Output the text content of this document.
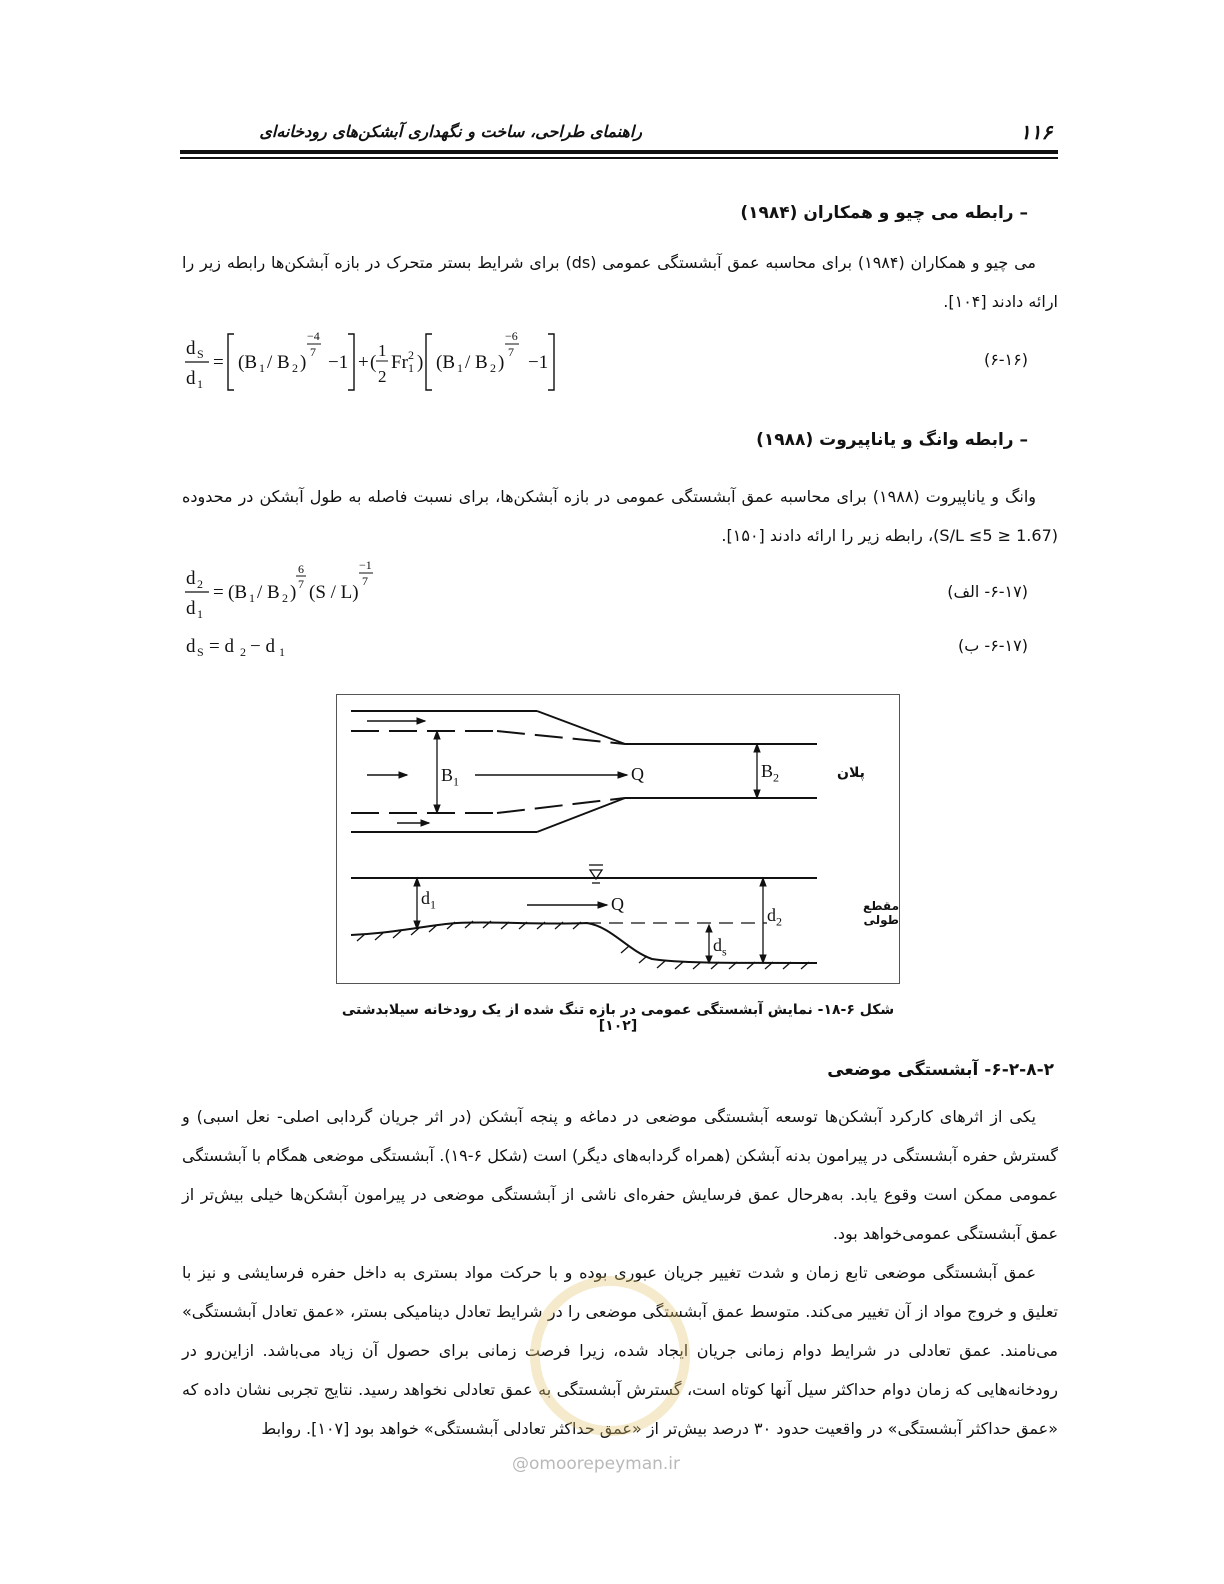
۱۱۶
راهنمای طراحی، ساخت و نگهداری آبشکن‌های رودخانه‌ای
– رابطه می چیو و همکاران (۱۹۸۴)

می چیو و همکاران (۱۹۸۴) برای محاسبه عمق آبشستگی عمومی (ds) برای شرایط بستر متحرک در بازه آبشکن‌ها رابطه زیر را ارائه دادند [۱۰۴].

d S
d 1
= (B 1 / B 2 )
−4
7 −1 + (
1
2
Fr 1
2 ) (B 1 / B 2 )
−6
7 −1	(۶-۱۶)
– رابطه وانگ و یاناپیروت (۱۹۸۸)

وانگ و یاناپیروت (۱۹۸۸) برای محاسبه عمق آبشستگی عمومی در بازه آبشکن‌ها، برای نسبت فاصله به طول آبشکن در محدوده (1.67 ≤ S/L ≤5)، رابطه زیر را ارائه دادند [۱۵۰].

d 2
d 1
= (B 1 / B 2 )
6
7 (S / L)
−1
7
(۶-۱۷- الف)
d S = d 2 − d 1	(۶-۱۷- ب)
$B_1$	Q	$B_2$	پلان
$d_1$	Q
$d_2$
$d_s$
مقطع طولی
شکل ۶-۱۸- نمایش آبشستگی عمومی در بازه تنگ شده از یک رودخانه سیلابدشتی [۱۰۲]
۶-۲-۸-۲- آبشستگی موضعی

یکی از اثرهای کارکرد آبشکن‌ها توسعه آبشستگی موضعی در دماغه و پنجه آبشکن (در اثر جریان گردابی اصلی- نعل اسبی) و گسترش حفره آبشستگی در پیرامون بدنه آبشکن (همراه گردابه‌های دیگر) است (شکل ۶-۱۹). آبشستگی موضعی همگام با آبشستگی عمومی ممکن است وقوع یابد. به‌هرحال عمق فرسایش حفره‌ای ناشی از آبشستگی موضعی در پیرامون آبشکن‌ها خیلی بیش‌تر از عمق آبشستگی عمومی‌خواهد بود.

عمق آبشستگی موضعی تابع زمان و شدت تغییر جریان عبوری بوده و با حرکت مواد بستری به داخل حفره فرسایشی و نیز با تعلیق و خروج مواد از آن تغییر می‌کند. متوسط عمق آبشستگی موضعی را در شرایط تعادل دینامیکی بستر، «عمق تعادل آبشستگی» می‌نامند. عمق تعادلی در شرایط دوام زمانی جریان ایجاد شده، زیرا فرصت زمانی برای حصول آن زیاد می‌باشد. ازاین‌رو در رودخانه‌هایی که زمان دوام حداکثر سیل آنها کوتاه است، گسترش آبشستگی به عمق تعادلی نخواهد رسید. نتایج تجربی نشان داده که «عمق حداکثر آبشستگی» در واقعیت حدود ۳۰ درصد بیش‌تر از «عمق حداکثر تعادلی آبشستگی» خواهد بود [۱۰۷]. روابط

@omoorepeyman.ir
